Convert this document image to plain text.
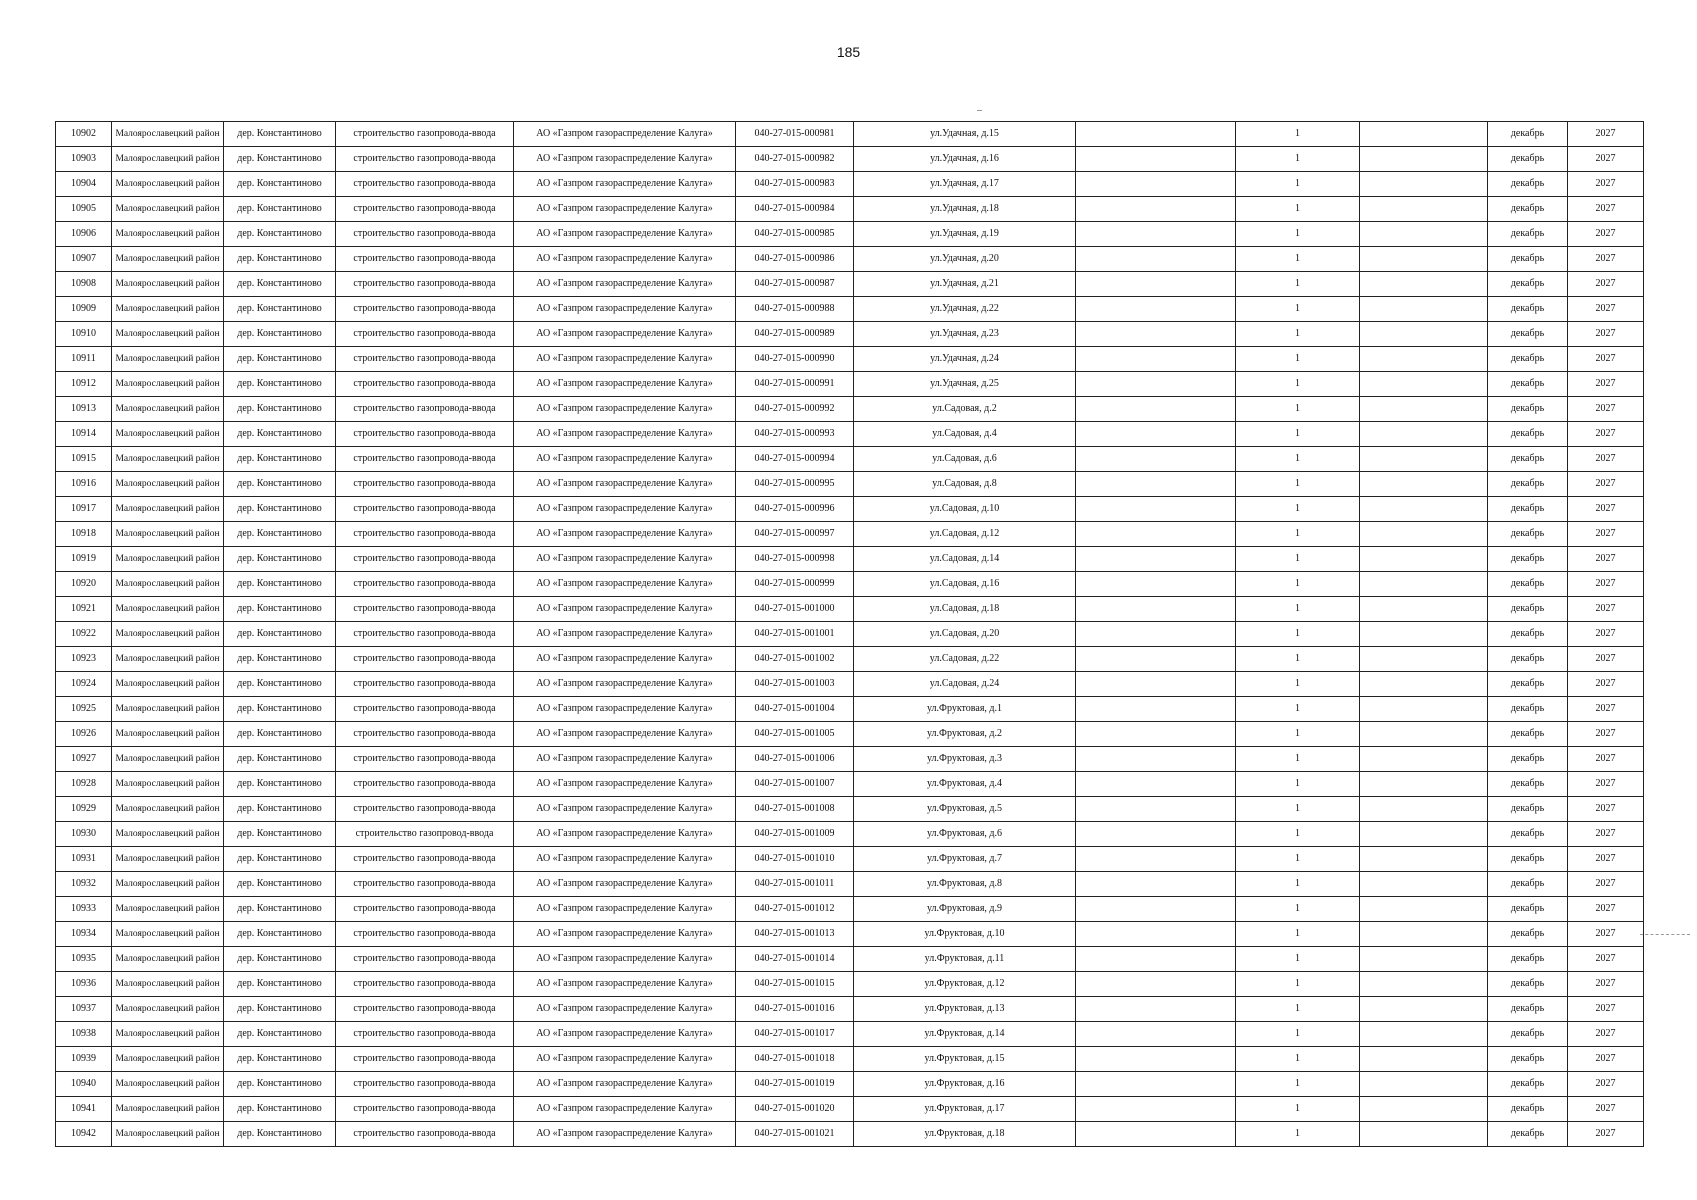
185
10902	Малоярославецкий район	дер. Константиново	строительство газопровода-ввода	АО «Газпром газораспределение Калуга»	040-27-015-000981	ул.Удачная, д.15		1		декабрь	2027
10903	Малоярославецкий район	дер. Константиново	строительство газопровода-ввода	АО «Газпром газораспределение Калуга»	040-27-015-000982	ул.Удачная, д.16		1		декабрь	2027
10904	Малоярославецкий район	дер. Константиново	строительство газопровода-ввода	АО «Газпром газораспределение Калуга»	040-27-015-000983	ул.Удачная, д.17		1		декабрь	2027
10905	Малоярославецкий район	дер. Константиново	строительство газопровода-ввода	АО «Газпром газораспределение Калуга»	040-27-015-000984	ул.Удачная, д.18		1		декабрь	2027
10906	Малоярославецкий район	дер. Константиново	строительство газопровода-ввода	АО «Газпром газораспределение Калуга»	040-27-015-000985	ул.Удачная, д.19		1		декабрь	2027
10907	Малоярославецкий район	дер. Константиново	строительство газопровода-ввода	АО «Газпром газораспределение Калуга»	040-27-015-000986	ул.Удачная, д.20		1		декабрь	2027
10908	Малоярославецкий район	дер. Константиново	строительство газопровода-ввода	АО «Газпром газораспределение Калуга»	040-27-015-000987	ул.Удачная, д.21		1		декабрь	2027
10909	Малоярославецкий район	дер. Константиново	строительство газопровода-ввода	АО «Газпром газораспределение Калуга»	040-27-015-000988	ул.Удачная, д.22		1		декабрь	2027
10910	Малоярославецкий район	дер. Константиново	строительство газопровода-ввода	АО «Газпром газораспределение Калуга»	040-27-015-000989	ул.Удачная, д.23		1		декабрь	2027
10911	Малоярославецкий район	дер. Константиново	строительство газопровода-ввода	АО «Газпром газораспределение Калуга»	040-27-015-000990	ул.Удачная, д.24		1		декабрь	2027
10912	Малоярославецкий район	дер. Константиново	строительство газопровода-ввода	АО «Газпром газораспределение Калуга»	040-27-015-000991	ул.Удачная, д.25		1		декабрь	2027
10913	Малоярославецкий район	дер. Константиново	строительство газопровода-ввода	АО «Газпром газораспределение Калуга»	040-27-015-000992	ул.Садовая, д.2		1		декабрь	2027
10914	Малоярославецкий район	дер. Константиново	строительство газопровода-ввода	АО «Газпром газораспределение Калуга»	040-27-015-000993	ул.Садовая, д.4		1		декабрь	2027
10915	Малоярославецкий район	дер. Константиново	строительство газопровода-ввода	АО «Газпром газораспределение Калуга»	040-27-015-000994	ул.Садовая, д.6		1		декабрь	2027
10916	Малоярославецкий район	дер. Константиново	строительство газопровода-ввода	АО «Газпром газораспределение Калуга»	040-27-015-000995	ул.Садовая, д.8		1		декабрь	2027
10917	Малоярославецкий район	дер. Константиново	строительство газопровода-ввода	АО «Газпром газораспределение Калуга»	040-27-015-000996	ул.Садовая, д.10		1		декабрь	2027
10918	Малоярославецкий район	дер. Константиново	строительство газопровода-ввода	АО «Газпром газораспределение Калуга»	040-27-015-000997	ул.Садовая, д.12		1		декабрь	2027
10919	Малоярославецкий район	дер. Константиново	строительство газопровода-ввода	АО «Газпром газораспределение Калуга»	040-27-015-000998	ул.Садовая, д.14		1		декабрь	2027
10920	Малоярославецкий район	дер. Константиново	строительство газопровода-ввода	АО «Газпром газораспределение Калуга»	040-27-015-000999	ул.Садовая, д.16		1		декабрь	2027
10921	Малоярославецкий район	дер. Константиново	строительство газопровода-ввода	АО «Газпром газораспределение Калуга»	040-27-015-001000	ул.Садовая, д.18		1		декабрь	2027
10922	Малоярославецкий район	дер. Константиново	строительство газопровода-ввода	АО «Газпром газораспределение Калуга»	040-27-015-001001	ул.Садовая, д.20		1		декабрь	2027
10923	Малоярославецкий район	дер. Константиново	строительство газопровода-ввода	АО «Газпром газораспределение Калуга»	040-27-015-001002	ул.Садовая, д.22		1		декабрь	2027
10924	Малоярославецкий район	дер. Константиново	строительство газопровода-ввода	АО «Газпром газораспределение Калуга»	040-27-015-001003	ул.Садовая, д.24		1		декабрь	2027
10925	Малоярославецкий район	дер. Константиново	строительство газопровода-ввода	АО «Газпром газораспределение Калуга»	040-27-015-001004	ул.Фруктовая, д.1		1		декабрь	2027
10926	Малоярославецкий район	дер. Константиново	строительство газопровода-ввода	АО «Газпром газораспределение Калуга»	040-27-015-001005	ул.Фруктовая, д.2		1		декабрь	2027
10927	Малоярославецкий район	дер. Константиново	строительство газопровода-ввода	АО «Газпром газораспределение Калуга»	040-27-015-001006	ул.Фруктовая, д.3		1		декабрь	2027
10928	Малоярославецкий район	дер. Константиново	строительство газопровода-ввода	АО «Газпром газораспределение Калуга»	040-27-015-001007	ул.Фруктовая, д.4		1		декабрь	2027
10929	Малоярославецкий район	дер. Константиново	строительство газопровода-ввода	АО «Газпром газораспределение Калуга»	040-27-015-001008	ул.Фруктовая, д.5		1		декабрь	2027
10930	Малоярославецкий район	дер. Константиново	строительство газопровод-ввода	АО «Газпром газораспределение Калуга»	040-27-015-001009	ул.Фруктовая, д.6		1		декабрь	2027
10931	Малоярославецкий район	дер. Константиново	строительство газопровода-ввода	АО «Газпром газораспределение Калуга»	040-27-015-001010	ул.Фруктовая, д.7		1		декабрь	2027
10932	Малоярославецкий район	дер. Константиново	строительство газопровода-ввода	АО «Газпром газораспределение Калуга»	040-27-015-001011	ул.Фруктовая, д.8		1		декабрь	2027
10933	Малоярославецкий район	дер. Константиново	строительство газопровода-ввода	АО «Газпром газораспределение Калуга»	040-27-015-001012	ул.Фруктовая, д.9		1		декабрь	2027
10934	Малоярославецкий район	дер. Константиново	строительство газопровода-ввода	АО «Газпром газораспределение Калуга»	040-27-015-001013	ул.Фруктовая, д.10		1		декабрь	2027
10935	Малоярославецкий район	дер. Константиново	строительство газопровода-ввода	АО «Газпром газораспределение Калуга»	040-27-015-001014	ул.Фруктовая, д.11		1		декабрь	2027
10936	Малоярославецкий район	дер. Константиново	строительство газопровода-ввода	АО «Газпром газораспределение Калуга»	040-27-015-001015	ул.Фруктовая, д.12		1		декабрь	2027
10937	Малоярославецкий район	дер. Константиново	строительство газопровода-ввода	АО «Газпром газораспределение Калуга»	040-27-015-001016	ул.Фруктовая, д.13		1		декабрь	2027
10938	Малоярославецкий район	дер. Константиново	строительство газопровода-ввода	АО «Газпром газораспределение Калуга»	040-27-015-001017	ул.Фруктовая, д.14		1		декабрь	2027
10939	Малоярославецкий район	дер. Константиново	строительство газопровода-ввода	АО «Газпром газораспределение Калуга»	040-27-015-001018	ул.Фруктовая, д.15		1		декабрь	2027
10940	Малоярославецкий район	дер. Константиново	строительство газопровода-ввода	АО «Газпром газораспределение Калуга»	040-27-015-001019	ул.Фруктовая, д.16		1		декабрь	2027
10941	Малоярославецкий район	дер. Константиново	строительство газопровода-ввода	АО «Газпром газораспределение Калуга»	040-27-015-001020	ул.Фруктовая, д.17		1		декабрь	2027
10942	Малоярославецкий район	дер. Константиново	строительство газопровода-ввода	АО «Газпром газораспределение Калуга»	040-27-015-001021	ул.Фруктовая, д.18		1		декабрь	2027
